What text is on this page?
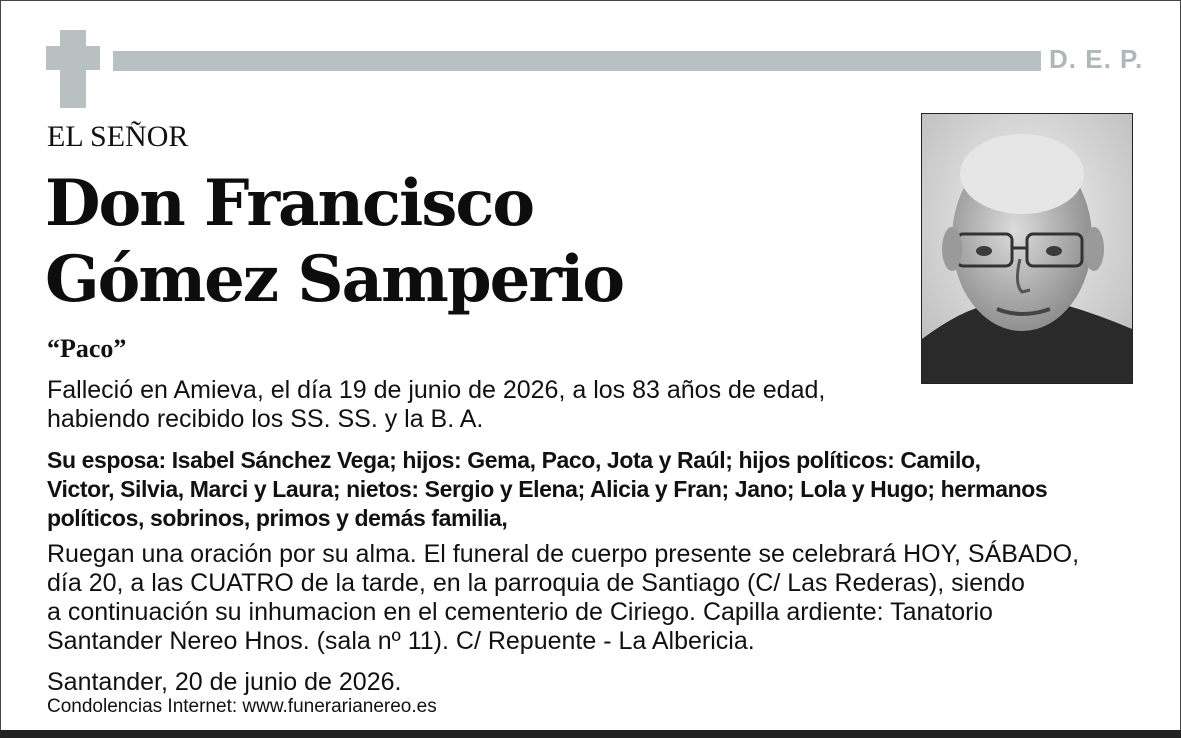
D. E. P.
EL SEÑOR
Don Francisco
Gómez Samperio
“Paco”
Falleció en Amieva, el día 19 de junio de 2026, a los 83 años de edad,
habiendo recibido los SS. SS. y la B. A.
Su esposa: Isabel Sánchez Vega; hijos: Gema, Paco, Jota y Raúl; hijos políticos: Camilo,
Victor, Silvia, Marci y Laura; nietos: Sergio y Elena; Alicia y Fran; Jano; Lola y Hugo; hermanos
políticos, sobrinos, primos y demás familia,
Ruegan una oración por su alma. El funeral de cuerpo presente se celebrará HOY, SÁBADO,
día 20, a las CUATRO de la tarde, en la parroquia de Santiago (C/ Las Rederas), siendo
a continuación su inhumacion en el cementerio de Ciriego. Capilla ardiente: Tanatorio
Santander Nereo Hnos. (sala nº 11). C/ Repuente - La Albericia.
Santander, 20 de junio de 2026.
Condolencias Internet: www.funerarianereo.es
